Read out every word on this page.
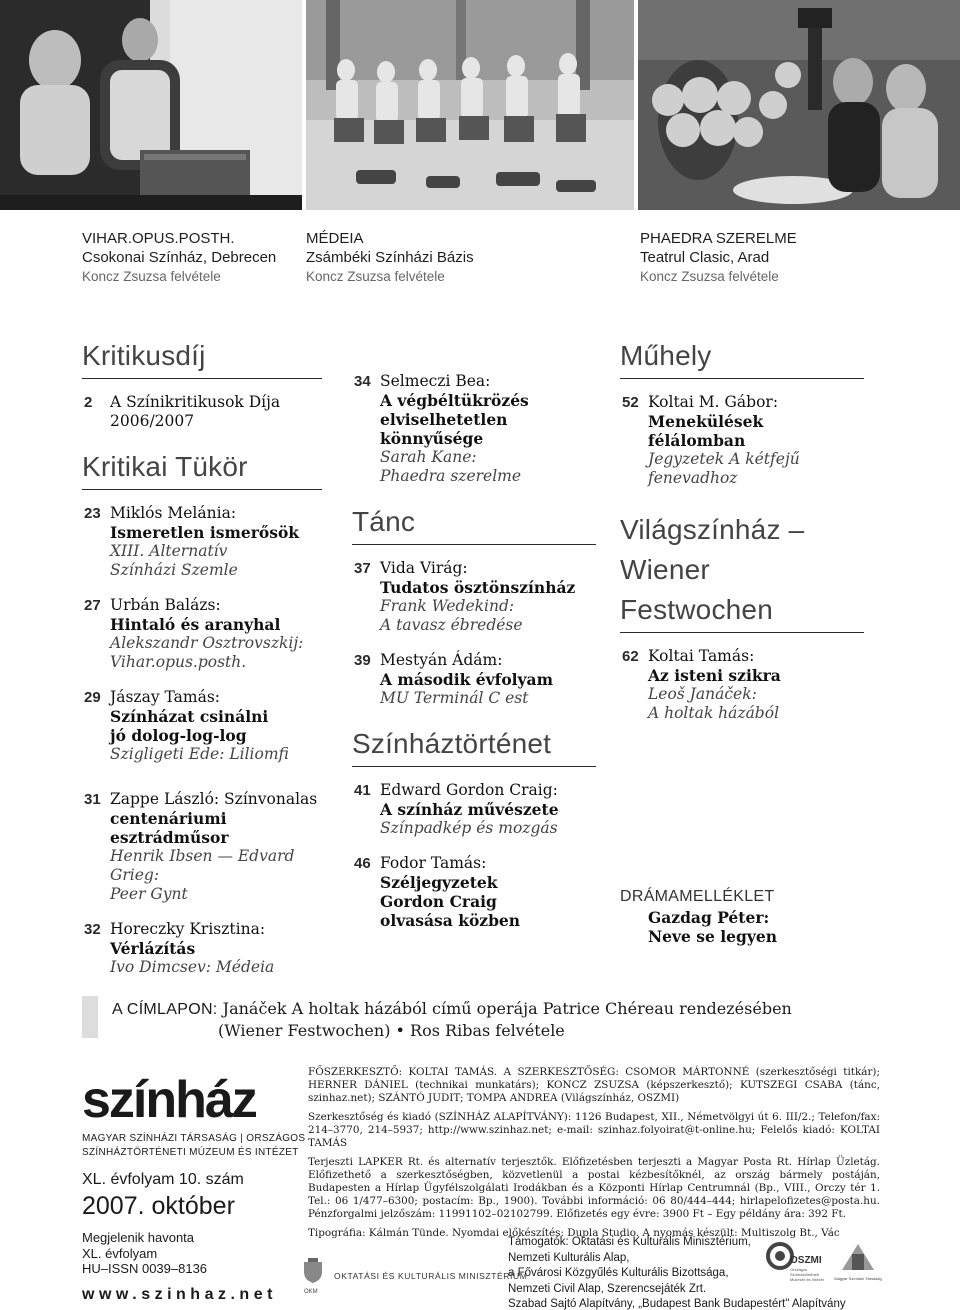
VIHAR.OPUS.POSTH.
Csokonai Színház, Debrecen
Koncz Zsuzsa felvétele
MÉDEIA
Zsámbéki Színházi Bázis
Koncz Zsuzsa felvétele
PHAEDRA SZERELME
Teatrul Clasic, Arad
Koncz Zsuzsa felvétele
Kritikusdíj
2 A Színikritikusok Díja
2006/2007
Kritikai Tükör
23 Miklós Melánia:
Ismeretlen ismerősök
XIII. Alternatív
Színházi Szemle
27 Urbán Balázs:
Hintaló és aranyhal
Alekszandr Osztrovszkij:
Vihar.opus.posth.
29 Jászay Tamás:
Színházat csinálni
jó dolog-log-log
Szigligeti Ede: Liliomfi
31 Zappe László: Színvonalas
centenáriumi esztrádműsor
Henrik Ibsen — Edvard Grieg:
Peer Gynt
32 Horeczky Krisztina:
Vérlázítás
Ivo Dimcsev: Médeia
34 Selmeczi Bea:
A végbéltükrözés
elviselhetetlen
könnyűsége
Sarah Kane:
Phaedra szerelme
Tánc
37 Vida Virág:
Tudatos ösztönszínház
Frank Wedekind:
A tavasz ébredése
39 Mestyán Ádám:
A második évfolyam
MU Terminál C est
Színháztörténet
41 Edward Gordon Craig:
A színház művészete
Színpadkép és mozgás
46 Fodor Tamás:
Széljegyzetek
Gordon Craig
olvasása közben
Műhely
52 Koltai M. Gábor:
Menekülések félálomban
Jegyzetek A kétfejű fenevadhoz
Világszínház –
Wiener Festwochen
62 Koltai Tamás:
Az isteni szikra
Leoš Janáček:
A holtak házából
DRÁMAMELLÉKLET
Gazdag Péter:
Neve se legyen
A CÍMLAPON: Janáček A holtak házából című operája Patrice Chéreau rendezésében
(Wiener Festwochen) • Ros Ribas felvétele
színház
MAGYAR SZÍNHÁZI TÁRSASÁG | ORSZÁGOS
SZÍNHÁZTÖRTÉNETI MÚZEUM ÉS INTÉZET
XL. évfolyam 10. szám
2007. október
Megjelenik havonta
XL. évfolyam
HU–ISSN 0039–8136
www.szinhaz.net

FŐSZERKESZTŐ: KOLTAI TAMÁS. A SZERKESZTŐSÉG: CSOMOR MÁRTONNÉ (szerkesztőségi titkár); HERNER DÁNIEL (technikai munkatárs); KONCZ ZSUZSA (képszerkesztő); KUTSZEGI CSABA (tánc, szinhaz.net); SZÁNTÓ JUDIT; TOMPA ANDREA (Világszínház, OSZMI)

Szerkesztőség és kiadó (SZÍNHÁZ ALAPÍTVÁNY): 1126 Budapest, XII., Németvölgyi út 6. III/2.; Telefon/fax: 214–3770, 214–5937; http://www.szinhaz.net; e-mail: szinhaz.folyoirat@t-online.hu; Felelős kiadó: KOLTAI TAMÁS

Terjeszti LAPKER Rt. és alternatív terjesztők. Előfizetésben terjeszti a Magyar Posta Rt. Hírlap Üzletág. Előfizethető a szerkesztőségben, közvetlenül a postai kézbesítőknél, az ország bármely postáján, Budapesten a Hírlap Ügyfélszolgálati Irodákban és a Központi Hírlap Centrumnál (Bp., VIII., Orczy tér 1. Tel.: 06 1/477–6300; postacím: Bp., 1900). További információ: 06 80/444–444; hirlapelofizetes@posta.hu. Pénzforgalmi jelzőszám: 11991102–02102799. Előfizetés egy évre: 3900 Ft – Egy példány ára: 392 Ft.

Tipográfia: Kálmán Tünde. Nyomdai előkészítés: Dupla Studio. A nyomás készült: Multiszolg Bt., Vác

OKTATÁSI ÉS KULTURÁLIS MINISZTÉRIUM
OKM
OSZMI
Országos Színháztörténeti Múzeum és Intézet	Magyar Színházi Társaság
Támogatók: Oktatási és Kulturális Minisztérium,
Nemzeti Kulturális Alap,
a Fővárosi Közgyűlés Kulturális Bizottsága,
Nemzeti Civil Alap, Szerencsejáték Zrt.
Szabad Sajtó Alapítvány, „Budapest Bank Budapestért" Alapítvány
